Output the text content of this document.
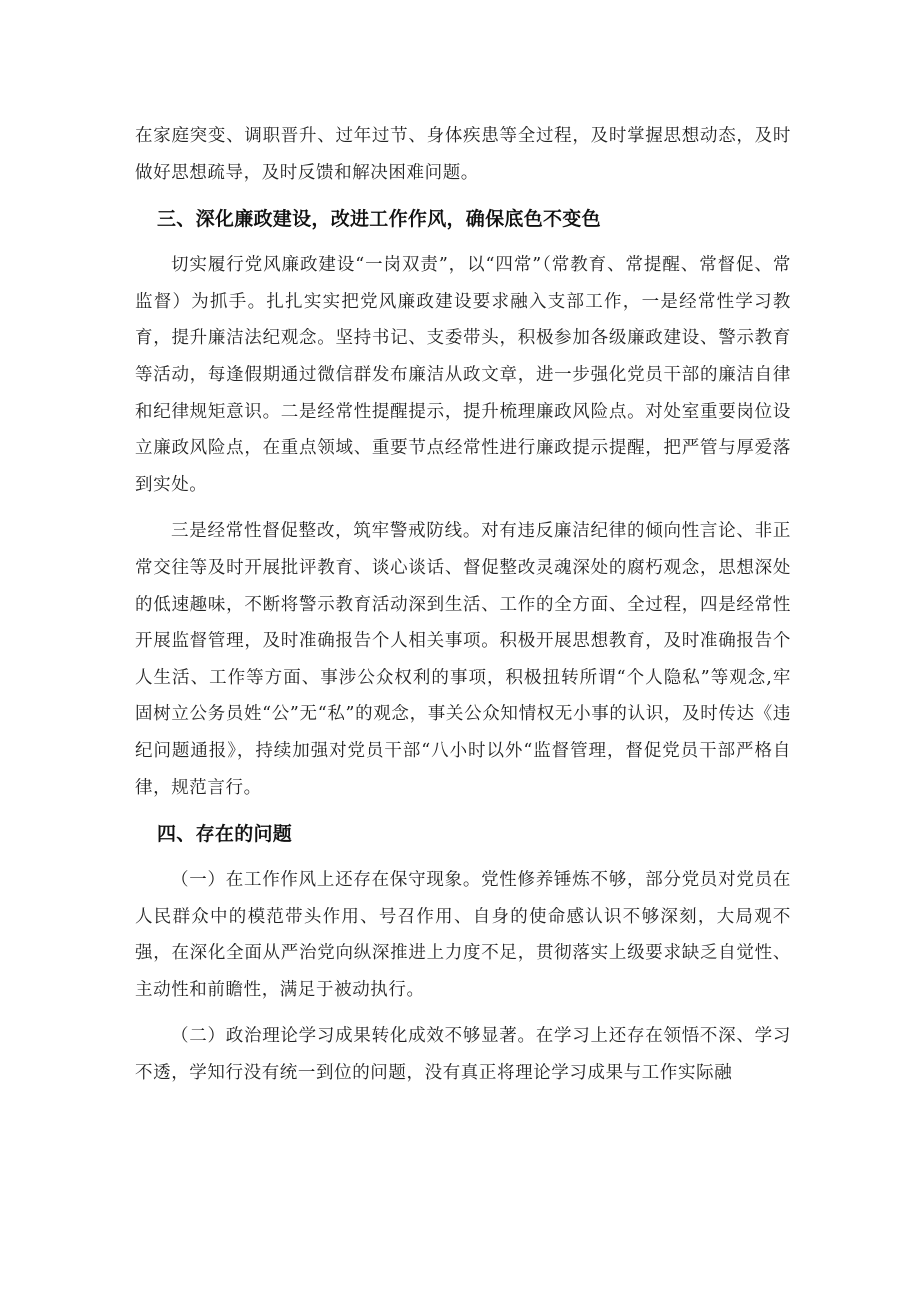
在家庭突变、调职晋升、过年过节、身体疾患等全过程，及时掌握思想动态，及时做好思想疏导，及时反馈和解决困难问题。

三、深化廉政建设，改进工作作风，确保底色不变色

切实履行党风廉政建设“一岗双责”，以“四常”（常教育、常提醒、常督促、常监督）为抓手。扎扎实实把党风廉政建设要求融入支部工作，一是经常性学习教育，提升廉洁法纪观念。坚持书记、支委带头，积极参加各级廉政建设、警示教育等活动，每逢假期通过微信群发布廉洁从政文章，进一步强化党员干部的廉洁自律和纪律规矩意识。二是经常性提醒提示，提升梳理廉政风险点。对处室重要岗位设立廉政风险点，在重点领域、重要节点经常性进行廉政提示提醒，把严管与厚爱落到实处。

三是经常性督促整改，筑牢警戒防线。对有违反廉洁纪律的倾向性言论、非正常交往等及时开展批评教育、谈心谈话、督促整改灵魂深处的腐朽观念，思想深处的低速趣味，不断将警示教育活动深到生活、工作的全方面、全过程，四是经常性开展监督管理，及时准确报告个人相关事项。积极开展思想教育，及时准确报告个人生活、工作等方面、事涉公众权利的事项，积极扭转所谓“个人隐私”等观念,牢固树立公务员姓“公”无“私”的观念，事关公众知情权无小事的认识，及时传达《违纪问题通报》，持续加强对党员干部“八小时以外“监督管理，督促党员干部严格自律，规范言行。

四、存在的问题

（一）在工作作风上还存在保守现象。党性修养锤炼不够，部分党员对党员在人民群众中的模范带头作用、号召作用、自身的使命感认识不够深刻，大局观不强，在深化全面从严治党向纵深推进上力度不足，贯彻落实上级要求缺乏自觉性、主动性和前瞻性，满足于被动执行。

（二）政治理论学习成果转化成效不够显著。在学习上还存在领悟不深、学习不透，学知行没有统一到位的问题，没有真正将理论学习成果与工作实际融
